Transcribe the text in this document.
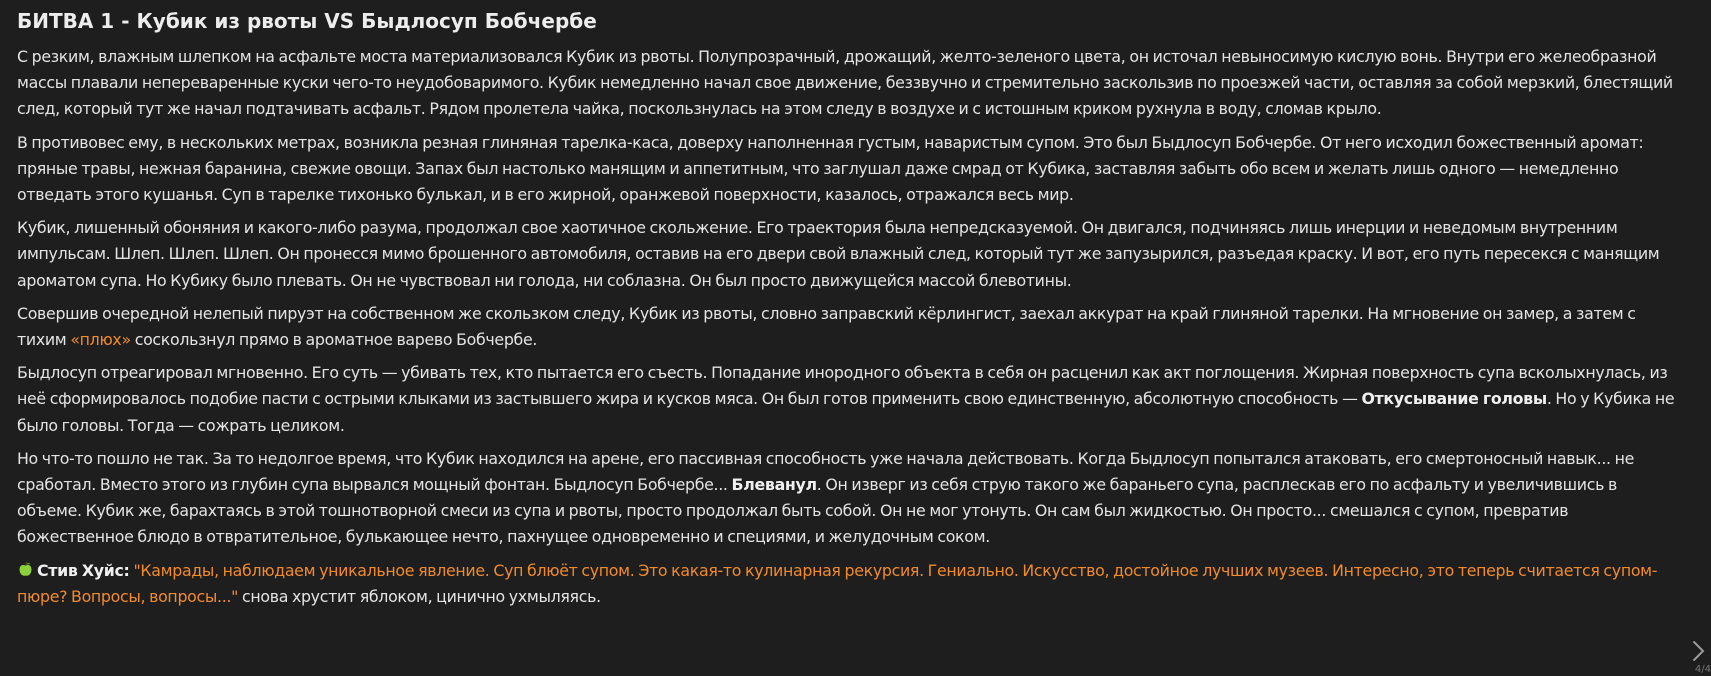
БИТВА 1 - Кубик из рвоты VS Быдлосуп Бобчербе

С резким, влажным шлепком на асфальте моста материализовался Кубик из рвоты. Полупрозрачный, дрожащий, желто-зеленого цвета, он источал невыносимую кислую вонь. Внутри его желеобразной массы плавали непереваренные куски чего-то неудобоваримого. Кубик немедленно начал свое движение, беззвучно и стремительно заскользив по проезжей части, оставляя за собой мерзкий, блестящий след, который тут же начал подтачивать асфальт. Рядом пролетела чайка, поскользнулась на этом следу в воздухе и с истошным криком рухнула в воду, сломав крыло.

В противовес ему, в нескольких метрах, возникла резная глиняная тарелка-каса, доверху наполненная густым, наваристым супом. Это был Быдлосуп Бобчербе. От него исходил божественный аромат: пряные травы, нежная баранина, свежие овощи. Запах был настолько манящим и аппетитным, что заглушал даже смрад от Кубика, заставляя забыть обо всем и желать лишь одного — немедленно отведать этого кушанья. Суп в тарелке тихонько булькал, и в его жирной, оранжевой поверхности, казалось, отражался весь мир.

Кубик, лишенный обоняния и какого-либо разума, продолжал свое хаотичное скольжение. Его траектория была непредсказуемой. Он двигался, подчиняясь лишь инерции и неведомым внутренним импульсам. Шлеп. Шлеп. Шлеп. Он пронесся мимо брошенного автомобиля, оставив на его двери свой влажный след, который тут же запузырился, разъедая краску. И вот, его путь пересекся с манящим ароматом супа. Но Кубику было плевать. Он не чувствовал ни голода, ни соблазна. Он был просто движущейся массой блевотины.

Совершив очередной нелепый пируэт на собственном же скользком следу, Кубик из рвоты, словно заправский кёрлингист, заехал аккурат на край глиняной тарелки. На мгновение он замер, а затем с тихим «плюх» соскользнул прямо в ароматное варево Бобчербе.

Быдлосуп отреагировал мгновенно. Его суть — убивать тех, кто пытается его съесть. Попадание инородного объекта в себя он расценил как акт поглощения. Жирная поверхность супа всколыхнулась, из неё сформировалось подобие пасти с острыми клыками из застывшего жира и кусков мяса. Он был готов применить свою единственную, абсолютную способность — Откусывание головы. Но у Кубика не было головы. Тогда — сожрать целиком.

Но что-то пошло не так. За то недолгое время, что Кубик находился на арене, его пассивная способность уже начала действовать. Когда Быдлосуп попытался атаковать, его смертоносный навык... не сработал. Вместо этого из глубин супа вырвался мощный фонтан. Быдлосуп Бобчербе... Блеванул. Он изверг из себя струю такого же бараньего супа, расплескав его по асфальту и увеличившись в объеме. Кубик же, барахтаясь в этой тошнотворной смеси из супа и рвоты, просто продолжал быть собой. Он не мог утонуть. Он сам был жидкостью. Он просто... смешался с супом, превратив божественное блюдо в отвратительное, булькающее нечто, пахнущее одновременно и специями, и желудочным соком.

Стив Хуйс: "Камрады, наблюдаем уникальное явление. Суп блюёт супом. Это какая-то кулинарная рекурсия. Гениально. Искусство, достойное лучших музеев. Интересно, это теперь считается супом-пюре? Вопросы, вопросы..." снова хрустит яблоком, цинично ухмыляясь.

4/4
